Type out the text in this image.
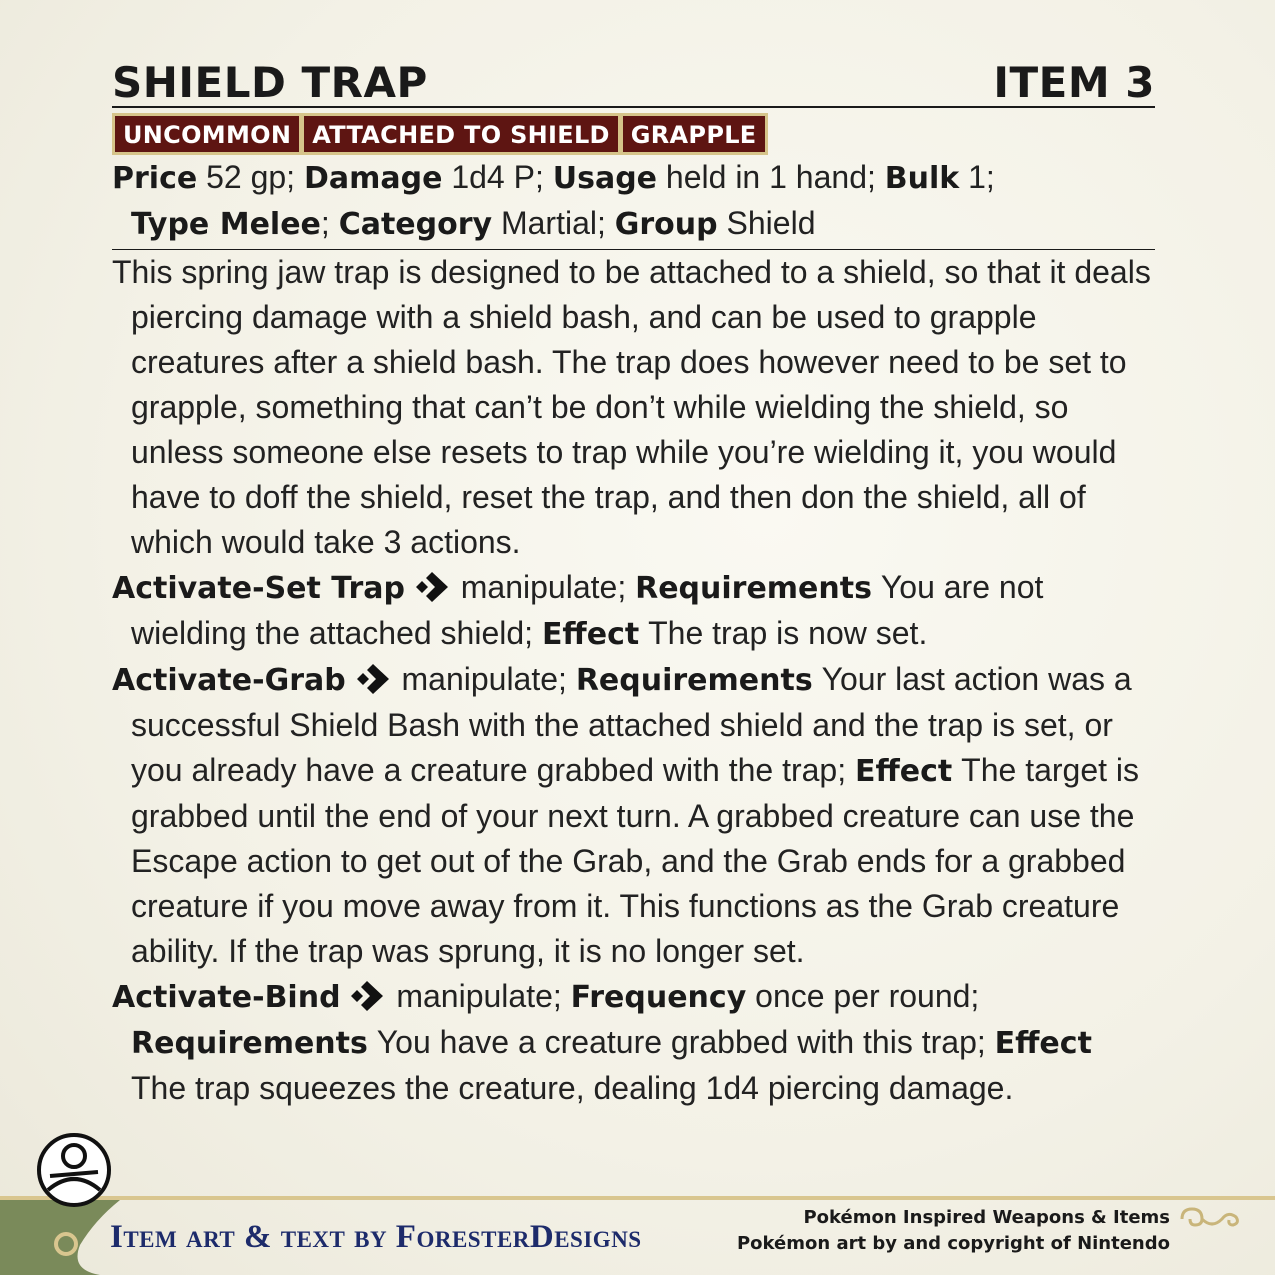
SHIELD TRAP	ITEM 3
UNCOMMON ATTACHED TO SHIELD GRAPPLE
Price 52 gp; Damage 1d4 P; Usage held in 1 hand; Bulk 1;
Type Melee; Category Martial; Group Shield

This spring jaw trap is designed to be attached to a shield, so that it deals piercing damage with a shield bash, and can be used to grapple creatures after a shield bash. The trap does however need to be set to grapple, something that can’t be don’t while wielding the shield, so unless someone else resets to trap while you’re wielding it, you would have to doff the shield, reset the trap, and then don the shield, all of which would take 3 actions.

Activate-Set Trap manipulate; Requirements You are not wielding the attached shield; Effect The trap is now set.

Activate-Grab manipulate; Requirements Your last action was a successful Shield Bash with the attached shield and the trap is set, or you already have a creature grabbed with the trap; Effect The target is grabbed until the end of your next turn. A grabbed creature can use the Escape action to get out of the Grab, and the Grab ends for a grabbed creature if you move away from it. This functions as the Grab creature ability. If the trap was sprung, it is no longer set.

Activate-Bind manipulate; Frequency once per round; Requirements You have a creature grabbed with this trap; Effect The trap squeezes the creature, dealing 1d4 piercing damage.

Item art & text by ForesterDesigns
Pokémon Inspired Weapons & Items
Pokémon art by and copyright of Nintendo
